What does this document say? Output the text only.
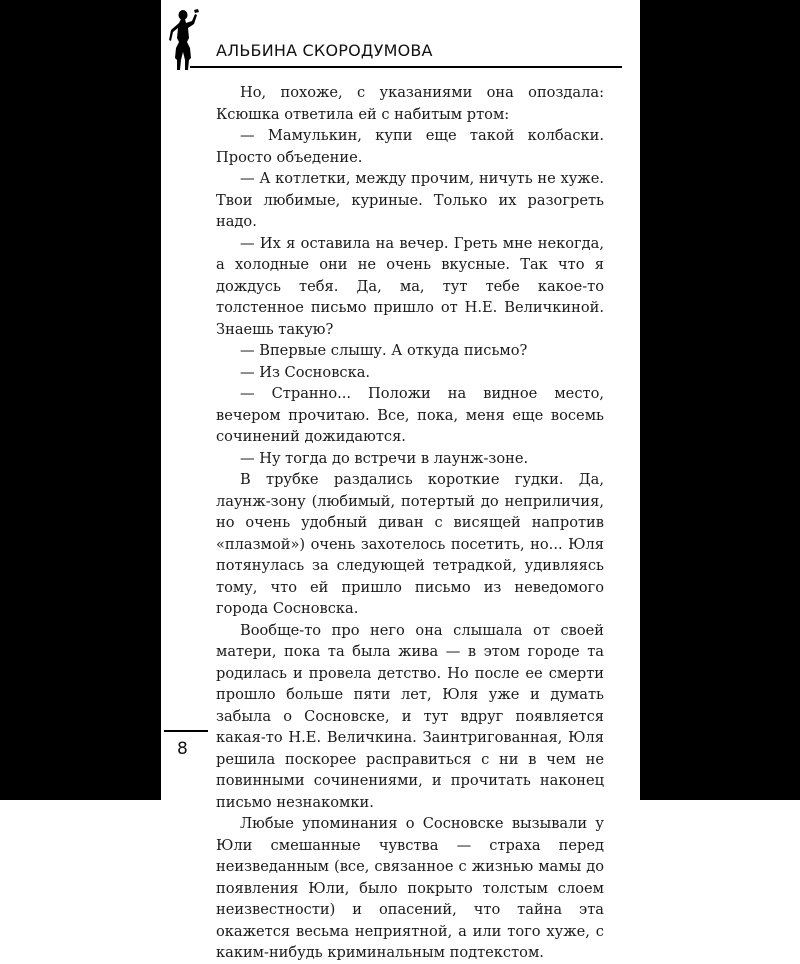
АЛЬБИНА СКОРОДУМОВА

Но, похоже, с указаниями она опоздала: Ксюшка ответила ей с набитым ртом:

— Мамулькин, купи еще такой колбаски. Просто объедение.

— А котлетки, между прочим, ничуть не хуже. Твои любимые, куриные. Только их разогреть надо.

— Их я оставила на вечер. Греть мне некогда, а холодные они не очень вкусные. Так что я дождусь тебя. Да, ма, тут тебе какое-то толстенное письмо пришло от Н.Е. Величкиной. Знаешь такую?

— Впервые слышу. А откуда письмо?

— Из Сосновска.

— Странно... Положи на видное место, вечером прочитаю. Все, пока, меня еще восемь сочинений дожидаются.

— Ну тогда до встречи в лаунж-зоне.

В трубке раздались короткие гудки. Да, лаунж-зону (любимый, потертый до неприличия, но очень удобный диван с висящей напротив «плазмой») очень захотелось посетить, но... Юля потянулась за следующей тетрадкой, удивляясь тому, что ей пришло письмо из неведомого города Сосновска.

Вообще-то про него она слышала от своей матери, пока та была жива — в этом городе та родилась и провела детство. Но после ее смерти прошло больше пяти лет, Юля уже и думать забыла о Сосновске, и тут вдруг появляется какая-то Н.Е. Величкина. Заинтригованная, Юля решила поскорее расправиться с ни в чем не повинными сочинениями, и прочитать наконец письмо незнакомки.

Любые упоминания о Сосновске вызывали у Юли смешанные чувства — страха перед неизведанным (все, связанное с жизнью мамы до появления Юли, было покрыто толстым слоем неизвестности) и опасений, что тайна эта окажется весьма неприятной, а или того хуже, с каким-нибудь криминальным подтекстом.

8
